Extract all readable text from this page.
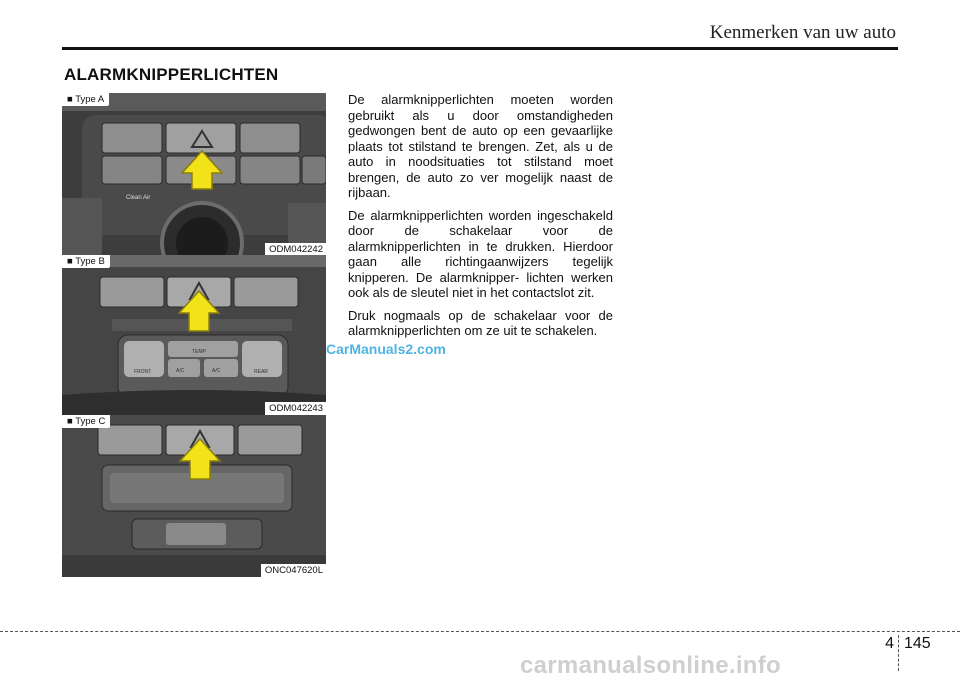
Kenmerken van uw auto
ALARMKNIPPERLICHTEN
Clean Air
■ Type A
ODM042242
TEMP
FRONT	REAR
A/C	A/C
■ Type B
ODM042243
■ Type C
ONC047620L

De alarmknipperlichten moeten worden gebruikt als u door omstandigheden gedwongen bent de auto op een gevaarlijke plaats tot stilstand te brengen. Zet, als u de auto in noodsituaties tot stilstand moet brengen, de auto zo ver mogelijk naast de rijbaan.

De alarmknipperlichten worden ingeschakeld door de schakelaar voor de alarmknipperlichten in te drukken. Hierdoor gaan alle richtingaanwijzers tegelijk knipperen. De alarmknipper- lichten werken ook als de sleutel niet in het contactslot zit.

Druk nogmaals op de schakelaar voor de alarmknipperlichten om ze uit te schakelen.

CarManuals2.com
4 145
carmanualsonline.info
